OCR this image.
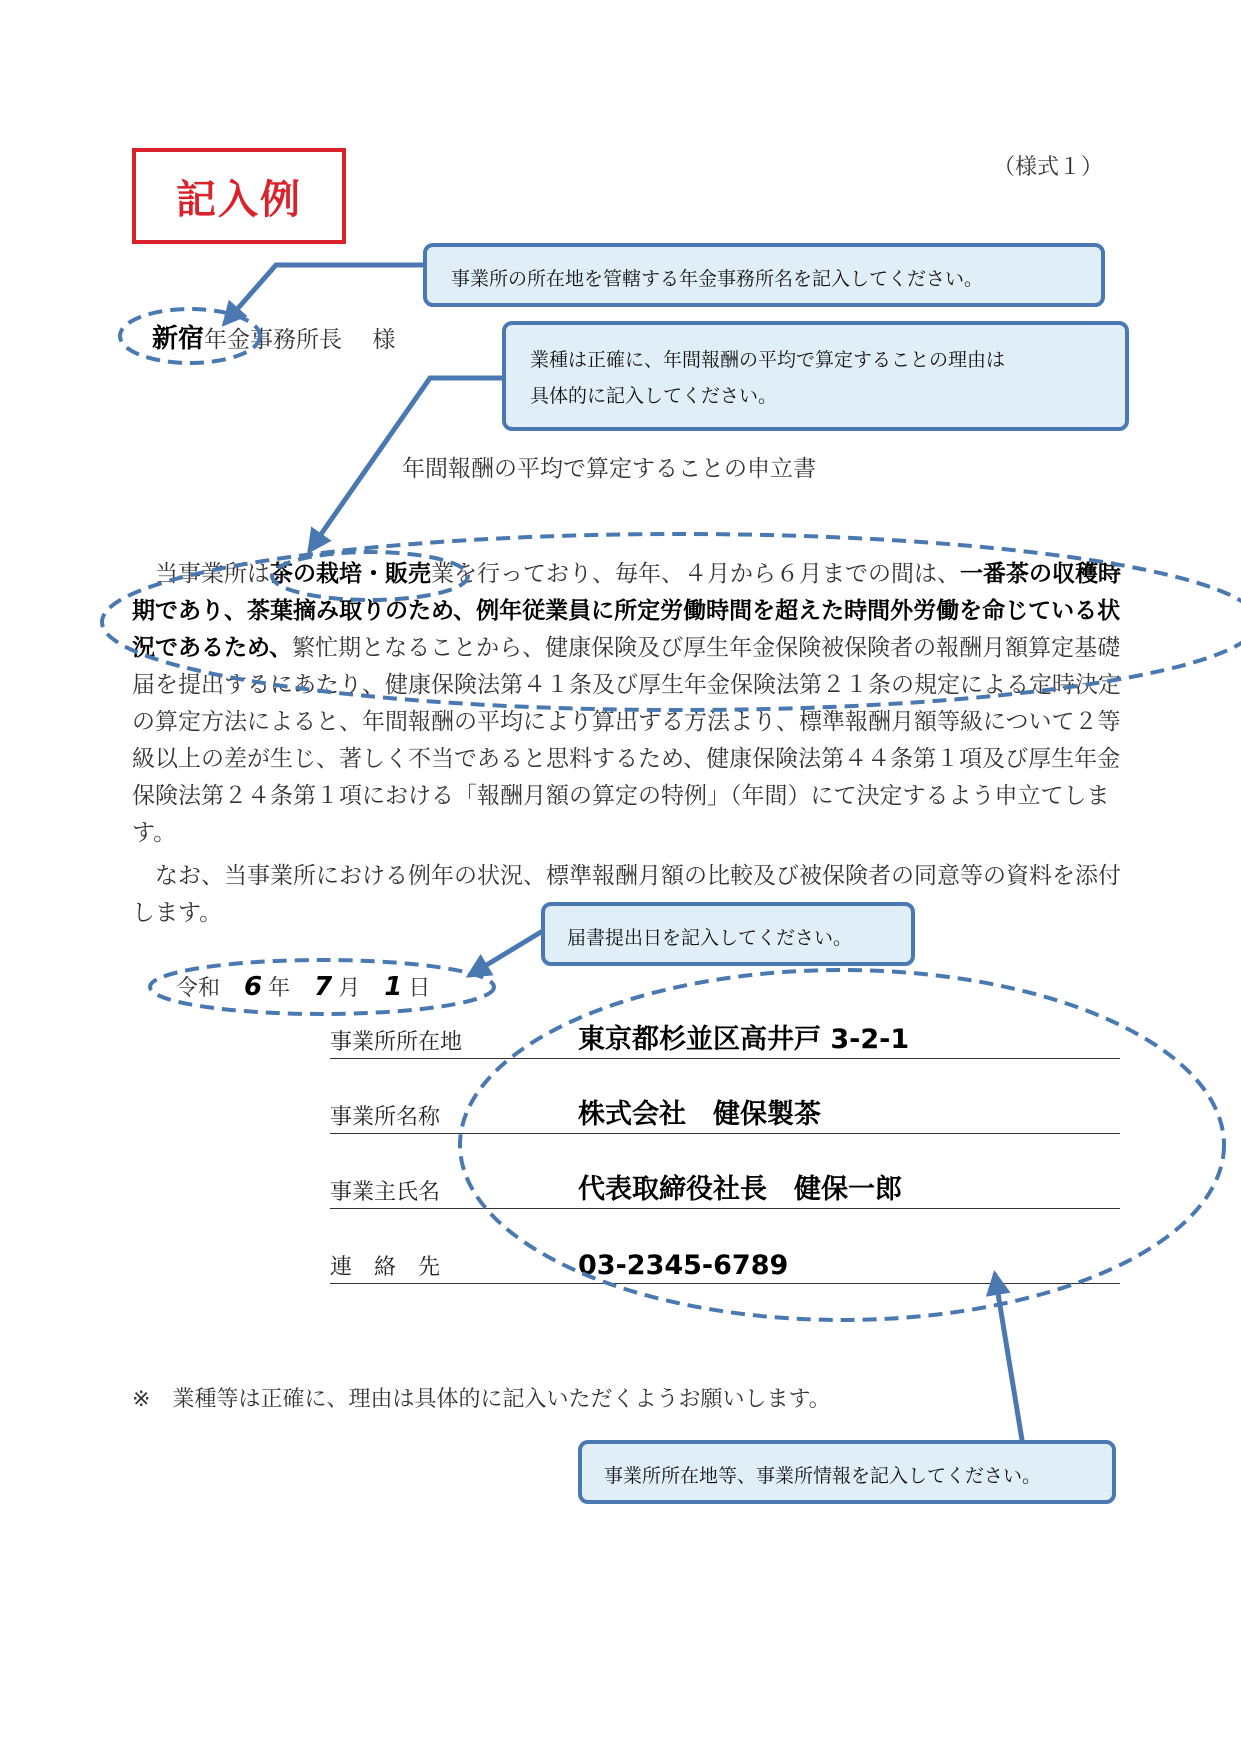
記入例
（様式１）
事業所の所在地を管轄する年金事務所名を記入してください。
業種は正確に、年間報酬の平均で算定することの理由は
具体的に記入してください。
届書提出日を記入してください。
事業所所在地等、事業所情報を記入してください。
新宿年金事務所長　 様
年間報酬の平均で算定することの申立書
当事業所は茶の栽培・販売業を行っており、毎年、４月から６月までの間は、一番茶の収穫時期であり、茶葉摘み取りのため、例年従業員に所定労働時間を超えた時間外労働を命じている状況であるため、繁忙期となることから、健康保険及び厚生年金保険被保険者の報酬月額算定基礎届を提出するにあたり、健康保険法第４１条及び厚生年金保険法第２１条の規定による定時決定の算定方法によると、年間報酬の平均により算出する方法より、標準報酬月額等級について２等級以上の差が生じ、著しく不当であると思料するため、健康保険法第４４条第１項及び厚生年金保険法第２４条第１項における「報酬月額の算定の特例」（年間）にて決定するよう申立てします。
なお、当事業所における例年の状況、標準報酬月額の比較及び被保険者の同意等の資料を添付します。
令和 6 年 7 月 1 日
事業所所在地	東京都杉並区高井戸 3-2-1
事業所名称	株式会社　健保製茶
事業主氏名	代表取締役社長　健保一郎
連　絡　先	03-2345-6789
※ 業種等は正確に、理由は具体的に記入いただくようお願いします。
